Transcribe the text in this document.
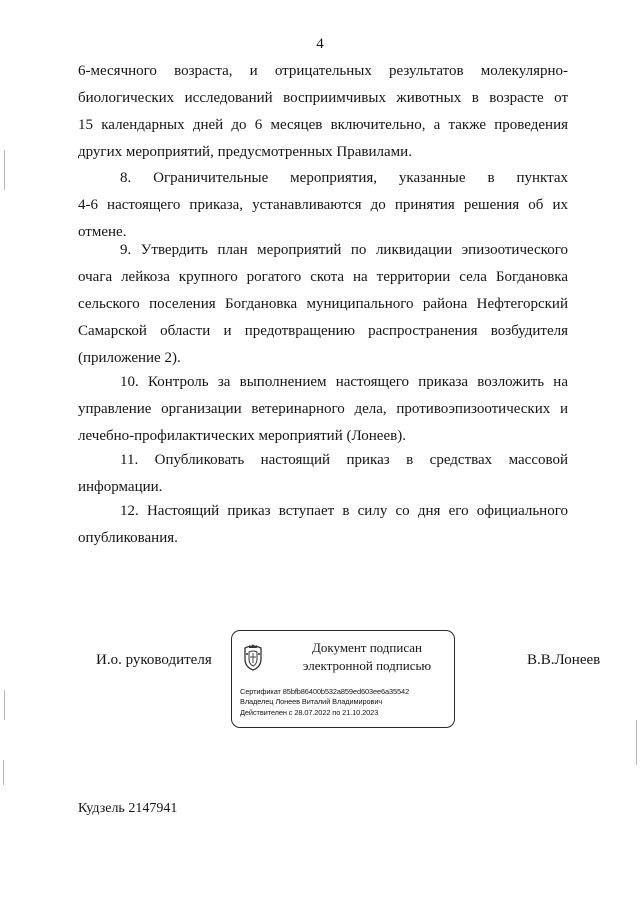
4
6-месячного возраста, и отрицательных результатов молекулярно-
биологических исследований восприимчивых животных в возрасте от
15 календарных дней до 6 месяцев включительно, а также проведения
других мероприятий, предусмотренных Правилами.
8. Ограничительные мероприятия, указанные в пунктах
4-6 настоящего приказа, устанавливаются до принятия решения об их
отмене.
9. Утвердить план мероприятий по ликвидации эпизоотического
очага лейкоза крупного рогатого скота на территории села Богдановка
сельского поселения Богдановка муниципального района Нефтегорский
Самарской области и предотвращению распространения возбудителя
(приложение 2).
10. Контроль за выполнением настоящего приказа возложить на
управление организации ветеринарного дела, противоэпизоотических и
лечебно-профилактических мероприятий (Лонеев).
11. Опубликовать настоящий приказ в средствах массовой
информации.
12. Настоящий приказ вступает в силу со дня его официального
опубликования.
И.о. руководителя
Документ подписан
электронной подписью
Сертификат 85bfb86400b532a859ed603ee6a35542
Владелец Лонеев Виталий Владимирович
Действителен с 28.07.2022 по 21.10.2023
В.В.Лонеев
Кудзель 2147941
